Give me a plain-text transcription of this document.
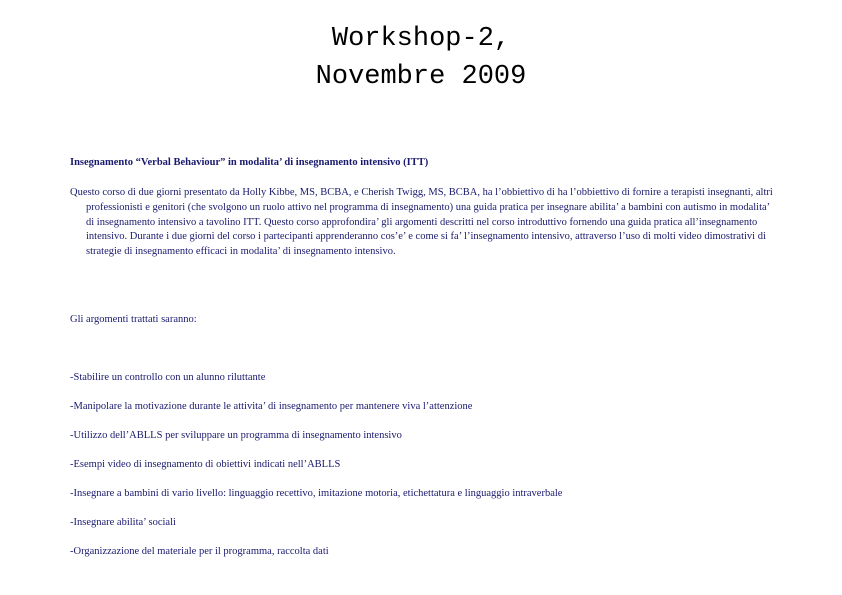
Workshop-2,
Novembre 2009

Insegnamento “Verbal Behaviour” in modalita’ di insegnamento intensivo (ITT)

Questo corso di due giorni presentato da Holly Kibbe, MS, BCBA, e Cherish Twigg, MS, BCBA, ha l’obbiettivo di ha l’obbiettivo di fornire a terapisti insegnanti, altri professionisti e genitori (che svolgono un ruolo attivo nel programma di insegnamento) una guida pratica per insegnare abilita’ a bambini con autismo in modalita’ di insegnamento intensivo a tavolino ITT. Questo corso approfondira’ gli argomenti descritti nel corso introduttivo fornendo una guida pratica all’insegnamento intensivo. Durante i due giorni del corso i partecipanti apprenderanno cos’e’ e come si fa’ l’insegnamento intensivo, attraverso l’uso di molti video dimostrativi di strategie di insegnamento efficaci in modalita’ di insegnamento intensivo.

Gli argomenti trattati saranno:

-Stabilire un controllo con un alunno riluttante
-Manipolare la motivazione durante le attivita’ di insegnamento per mantenere viva l’attenzione
-Utilizzo dell’ABLLS per sviluppare un programma di insegnamento intensivo
-Esempi video di insegnamento di obiettivi indicati nell’ABLLS
-Insegnare a bambini di vario livello: linguaggio recettivo, imitazione motoria, etichettatura e linguaggio intraverbale
-Insegnare abilita’ sociali
-Organizzazione del materiale per il programma, raccolta dati
